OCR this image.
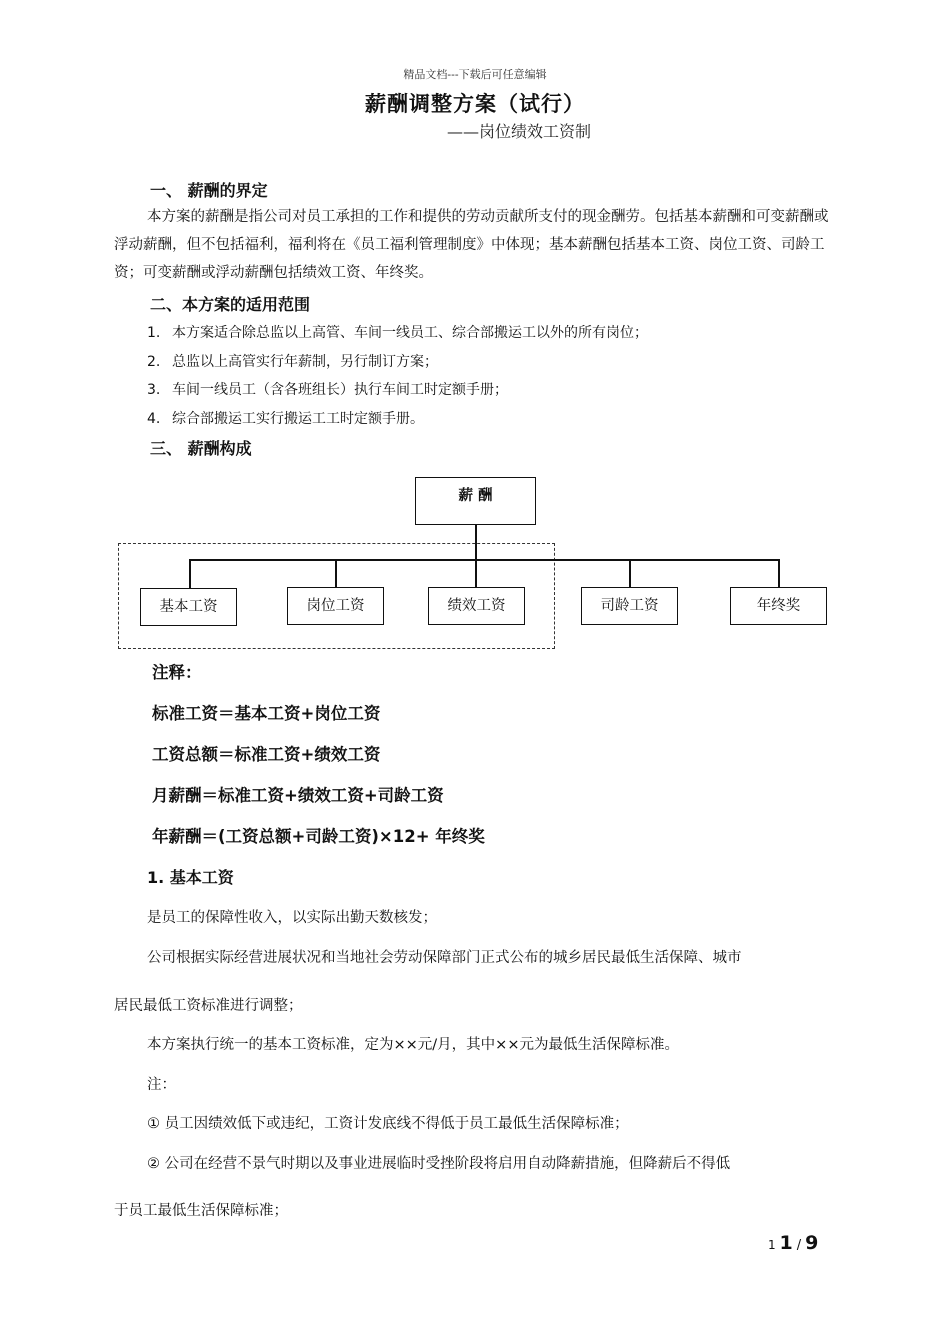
精品文档---下载后可任意编辑
薪酬调整方案（试行）
——岗位绩效工资制
一、 薪酬的界定
本方案的薪酬是指公司对员工承担的工作和提供的劳动贡献所支付的现金酬劳。包括基本薪酬和可变薪酬或浮动薪酬，但不包括福利，福利将在《员工福利管理制度》中体现；基本薪酬包括基本工资、岗位工资、司龄工资；可变薪酬或浮动薪酬包括绩效工资、年终奖。
二、本方案的适用范围
1. 本方案适合除总监以上高管、车间一线员工、综合部搬运工以外的所有岗位；
2. 总监以上高管实行年薪制，另行制订方案；
3. 车间一线员工（含各班组长）执行车间工时定额手册；
4. 综合部搬运工实行搬运工工时定额手册。
三、 薪酬构成
薪 酬
基本工资	岗位工资	绩效工资	司龄工资	年终奖
注释：
标准工资＝基本工资+岗位工资
工资总额＝标准工资+绩效工资
月薪酬＝标准工资+绩效工资+司龄工资
年薪酬＝(工资总额+司龄工资)×12+ 年终奖
1. 基本工资
是员工的保障性收入，以实际出勤天数核发；
公司根据实际经营进展状况和当地社会劳动保障部门正式公布的城乡居民最低生活保障、城市
居民最低工资标准进行调整；
本方案执行统一的基本工资标准，定为××元/月，其中××元为最低生活保障标准。
注：
① 员工因绩效低下或违纪，工资计发底线不得低于员工最低生活保障标准；
② 公司在经营不景气时期以及事业进展临时受挫阶段将启用自动降薪措施，但降薪后不得低
于员工最低生活保障标准；
1 1 / 9
